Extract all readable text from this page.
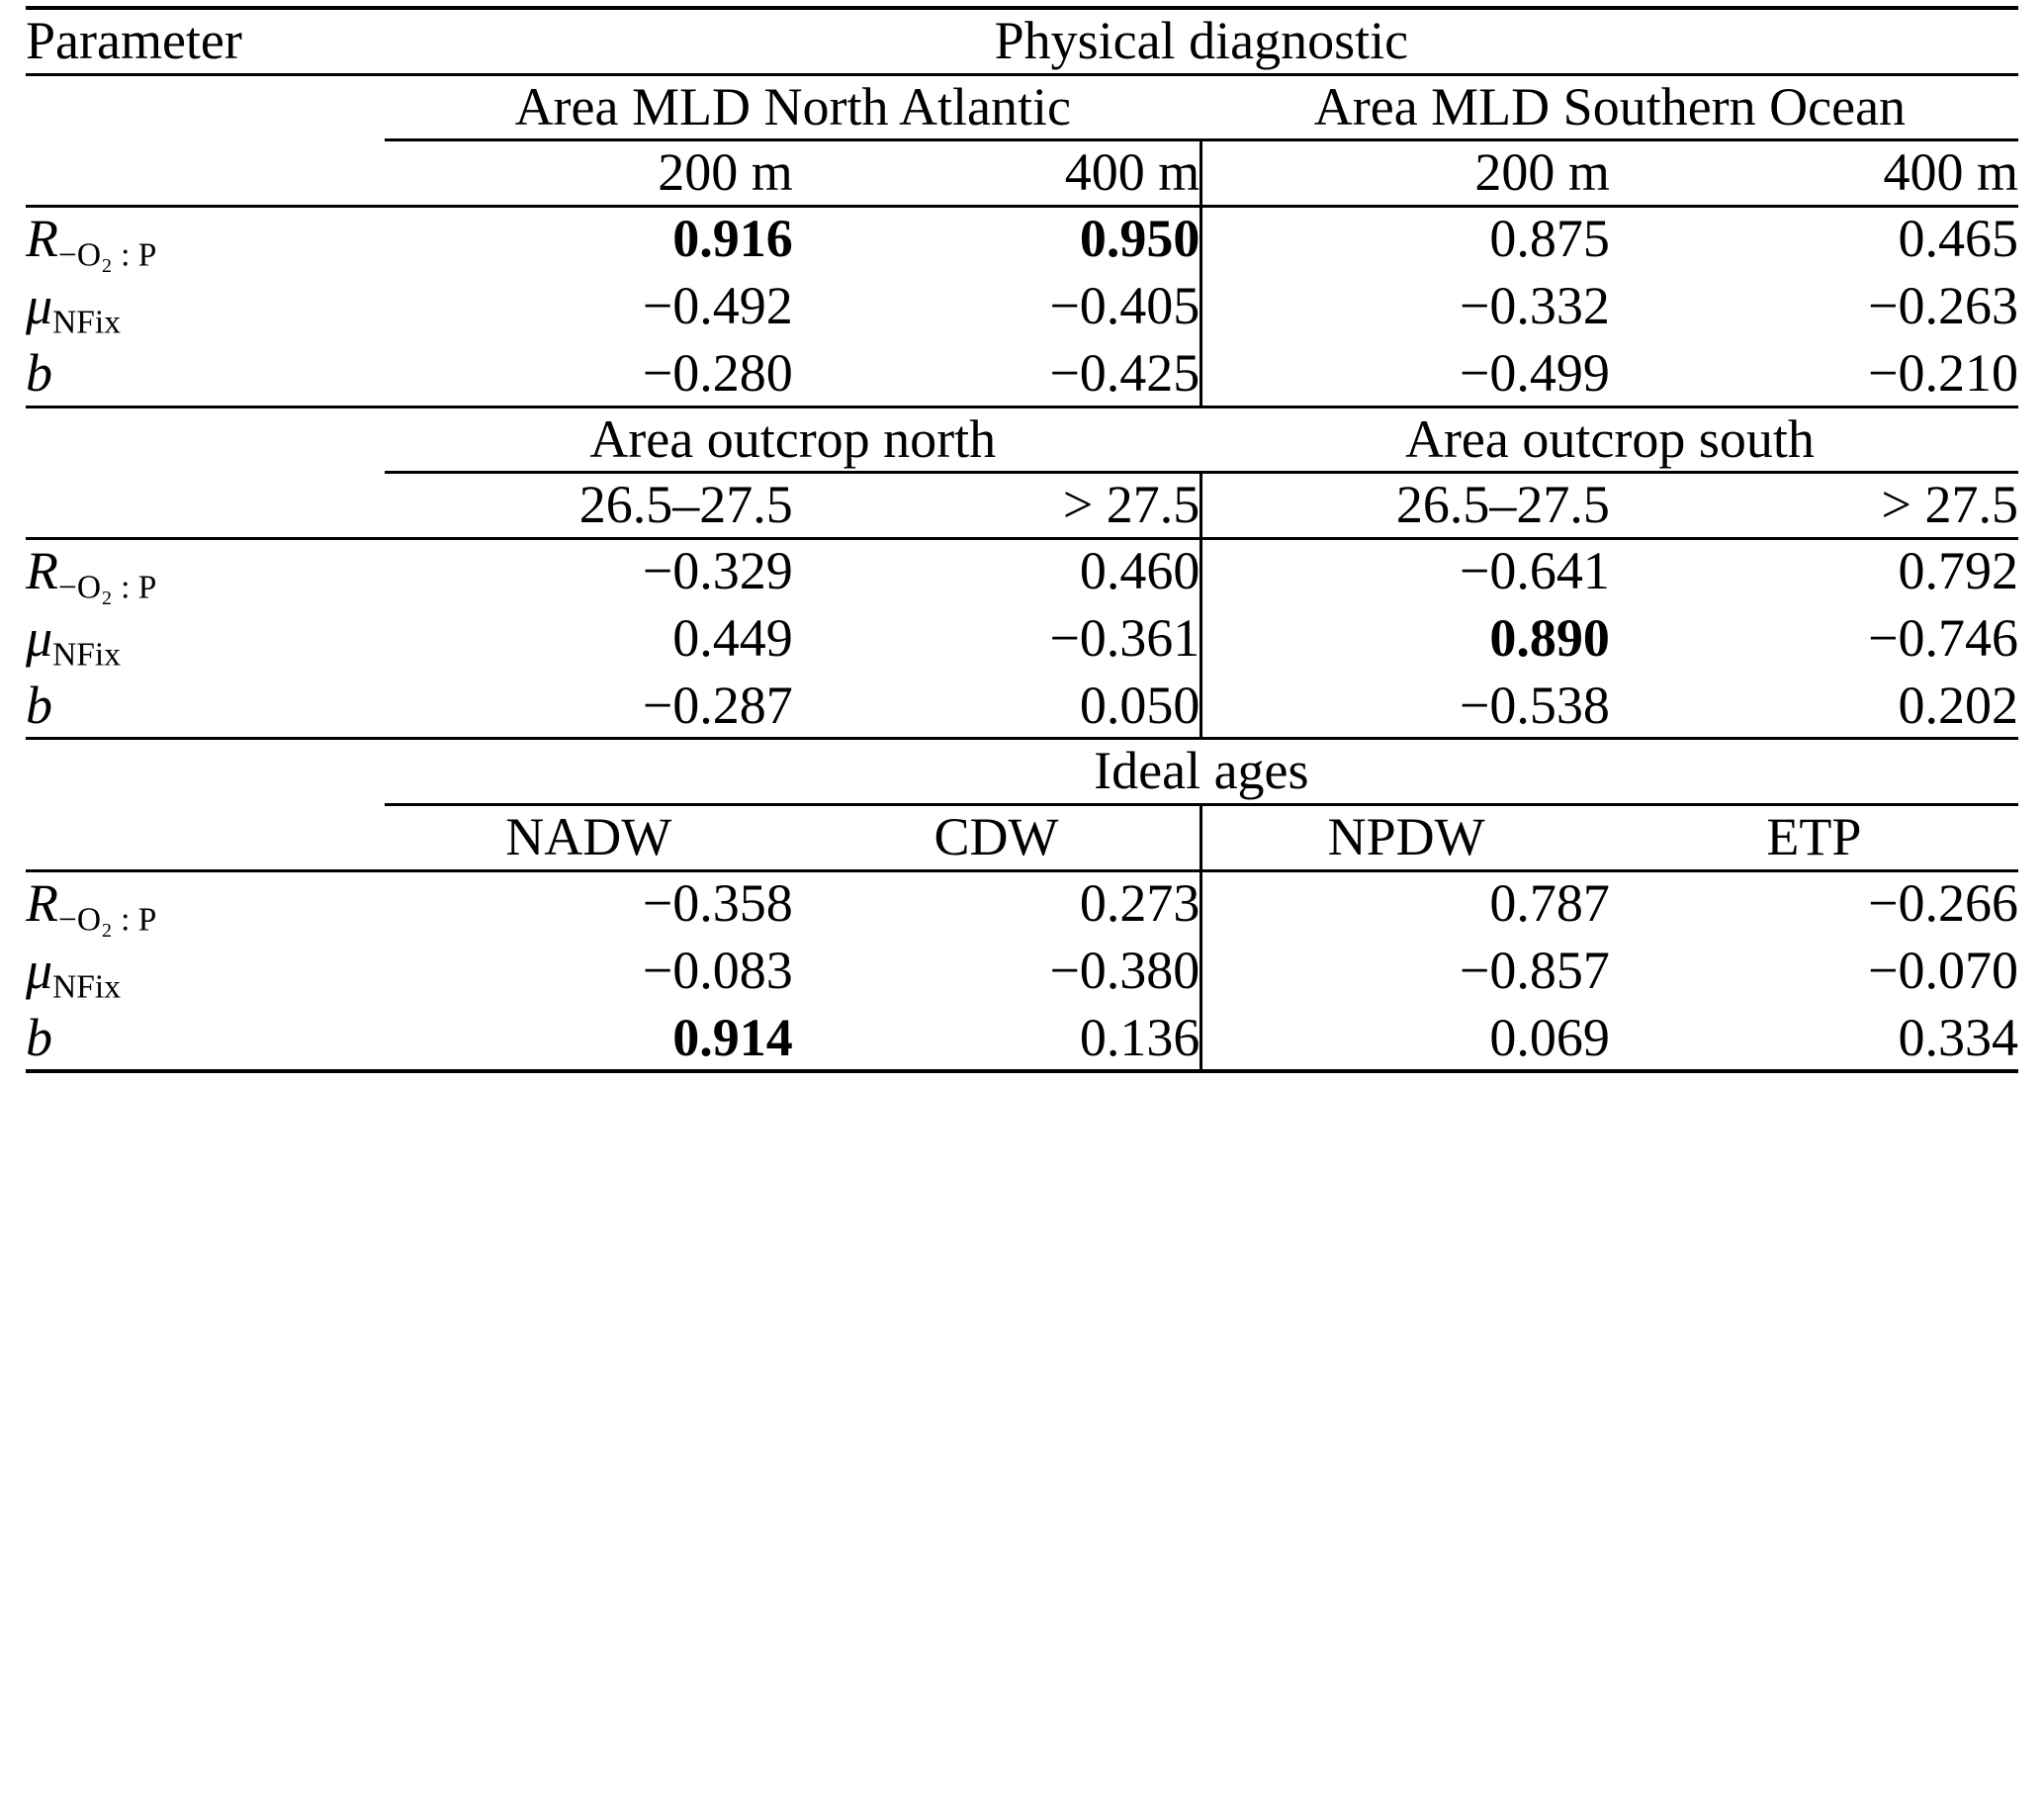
Parameter	Physical diagnostic			
	Area MLD North Atlantic		Area MLD Southern Ocean	
	200 m	400 m	200 m	400 m
$R_{-O_2 : P}$	0.916	0.950	0.875	0.465
$\mu_{NFix}$	−0.492	−0.405	−0.332	−0.263
b	−0.280	−0.425	−0.499	−0.210
	Area outcrop north		Area outcrop south	
	26.5–27.5	> 27.5	26.5–27.5	> 27.5
$R_{-O_2 : P}$	−0.329	0.460	−0.641	0.792
$\mu_{NFix}$	0.449	−0.361	0.890	−0.746
b	−0.287	0.050	−0.538	0.202
	Ideal ages			
	NADW	CDW	NPDW	ETP
$R_{-O_2 : P}$	−0.358	0.273	0.787	−0.266
$\mu_{NFix}$	−0.083	−0.380	−0.857	−0.070
b	0.914	0.136	0.069	0.334
